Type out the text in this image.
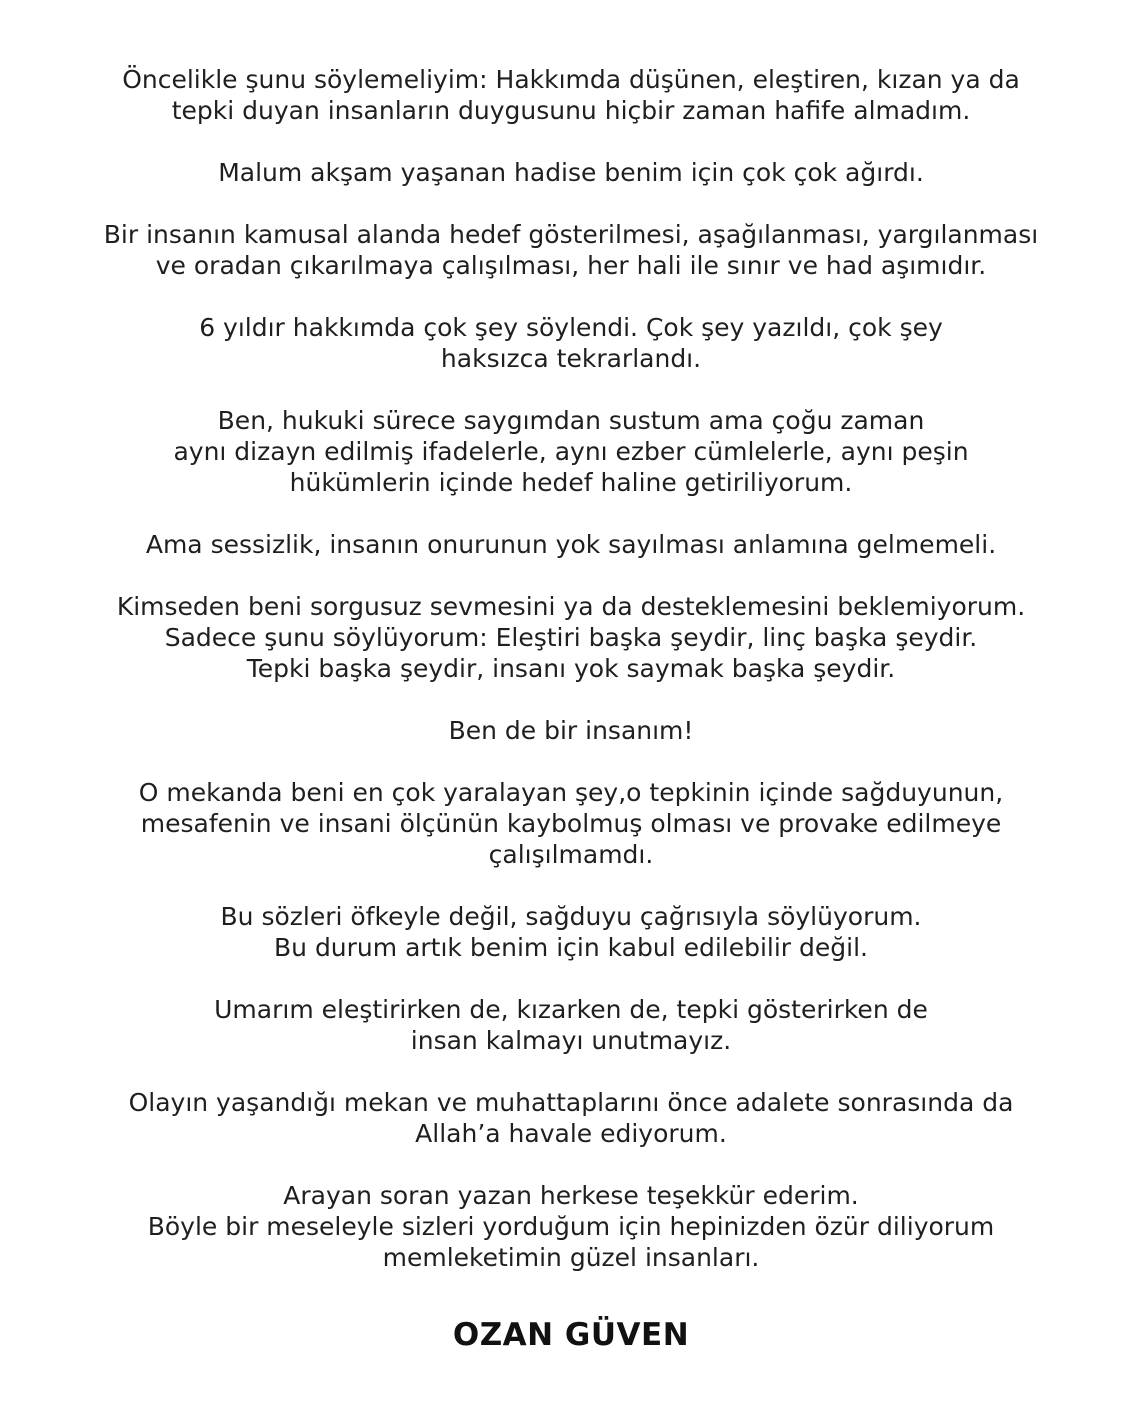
Öncelikle şunu söylemeliyim: Hakkımda düşünen, eleştiren, kızan ya da
tepki duyan insanların duygusunu hiçbir zaman hafife almadım.
Malum akşam yaşanan hadise benim için çok çok ağırdı.
Bir insanın kamusal alanda hedef gösterilmesi, aşağılanması, yargılanması
ve oradan çıkarılmaya çalışılması, her hali ile sınır ve had aşımıdır.
6 yıldır hakkımda çok şey söylendi. Çok şey yazıldı, çok şey
haksızca tekrarlandı.
Ben, hukuki sürece saygımdan sustum ama çoğu zaman
aynı dizayn edilmiş ifadelerle, aynı ezber cümlelerle, aynı peşin
hükümlerin içinde hedef haline getiriliyorum.
Ama sessizlik, insanın onurunun yok sayılması anlamına gelmemeli.
Kimseden beni sorgusuz sevmesini ya da desteklemesini beklemiyorum.
Sadece şunu söylüyorum: Eleştiri başka şeydir, linç başka şeydir.
Tepki başka şeydir, insanı yok saymak başka şeydir.
Ben de bir insanım!
O mekanda beni en çok yaralayan şey,o tepkinin içinde sağduyunun,
mesafenin ve insani ölçünün kaybolmuş olması ve provake edilmeye
çalışılmamdı.
Bu sözleri öfkeyle değil, sağduyu çağrısıyla söylüyorum.
Bu durum artık benim için kabul edilebilir değil.
Umarım eleştirirken de, kızarken de, tepki gösterirken de
insan kalmayı unutmayız.
Olayın yaşandığı mekan ve muhattaplarını önce adalete sonrasında da
Allah’a havale ediyorum.
Arayan soran yazan herkese teşekkür ederim.
Böyle bir meseleyle sizleri yorduğum için hepinizden özür diliyorum
memleketimin güzel insanları.
OZAN GÜVEN
